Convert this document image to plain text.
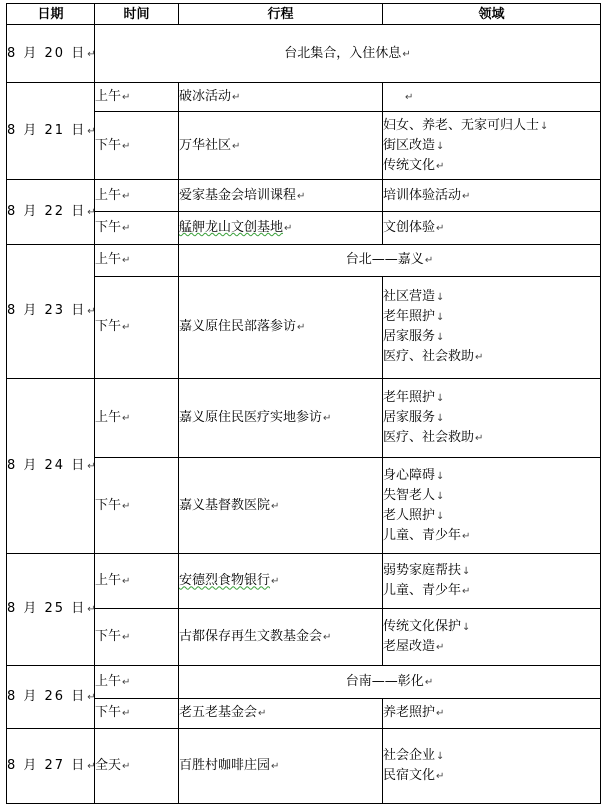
日期	时间	行程	领域
8 月 20 日↵	台北集合，入住休息↵		
8 月 21 日↵	上午↵	破冰活动↵	↵
	下午↵	万华社区↵	妇女、养老、无家可归人士↓
街区改造↓
传统文化↵

8 月 22 日↵	上午↵	爱家基金会培训课程↵	培训体验活动↵

	下午↵	艋舺龙山文创基地↵	文创体验↵

8 月 23 日↵	上午↵	台北——嘉义↵	
	下午↵	嘉义原住民部落参访↵	社区营造↓
老年照护↓
居家服务↓
医疗、社会救助↵

8 月 24 日↵	上午↵	嘉义原住民医疗实地参访↵	老年照护↓
居家服务↓
医疗、社会救助↵

	下午↵	嘉义基督教医院↵	身心障碍↓
失智老人↓
老人照护↓
儿童、青少年↵

8 月 25 日↵	上午↵	安德烈食物银行↵	弱势家庭帮扶↓
儿童、青少年↵

	下午↵	古都保存再生文教基金会↵	传统文化保护↓
老屋改造↵

8 月 26 日↵	上午↵	台南——彰化↵	
	下午↵	老五老基金会↵	养老照护↵

8 月 27 日↵	全天↵	百胜村咖啡庄园↵	社会企业↓
民宿文化↵
